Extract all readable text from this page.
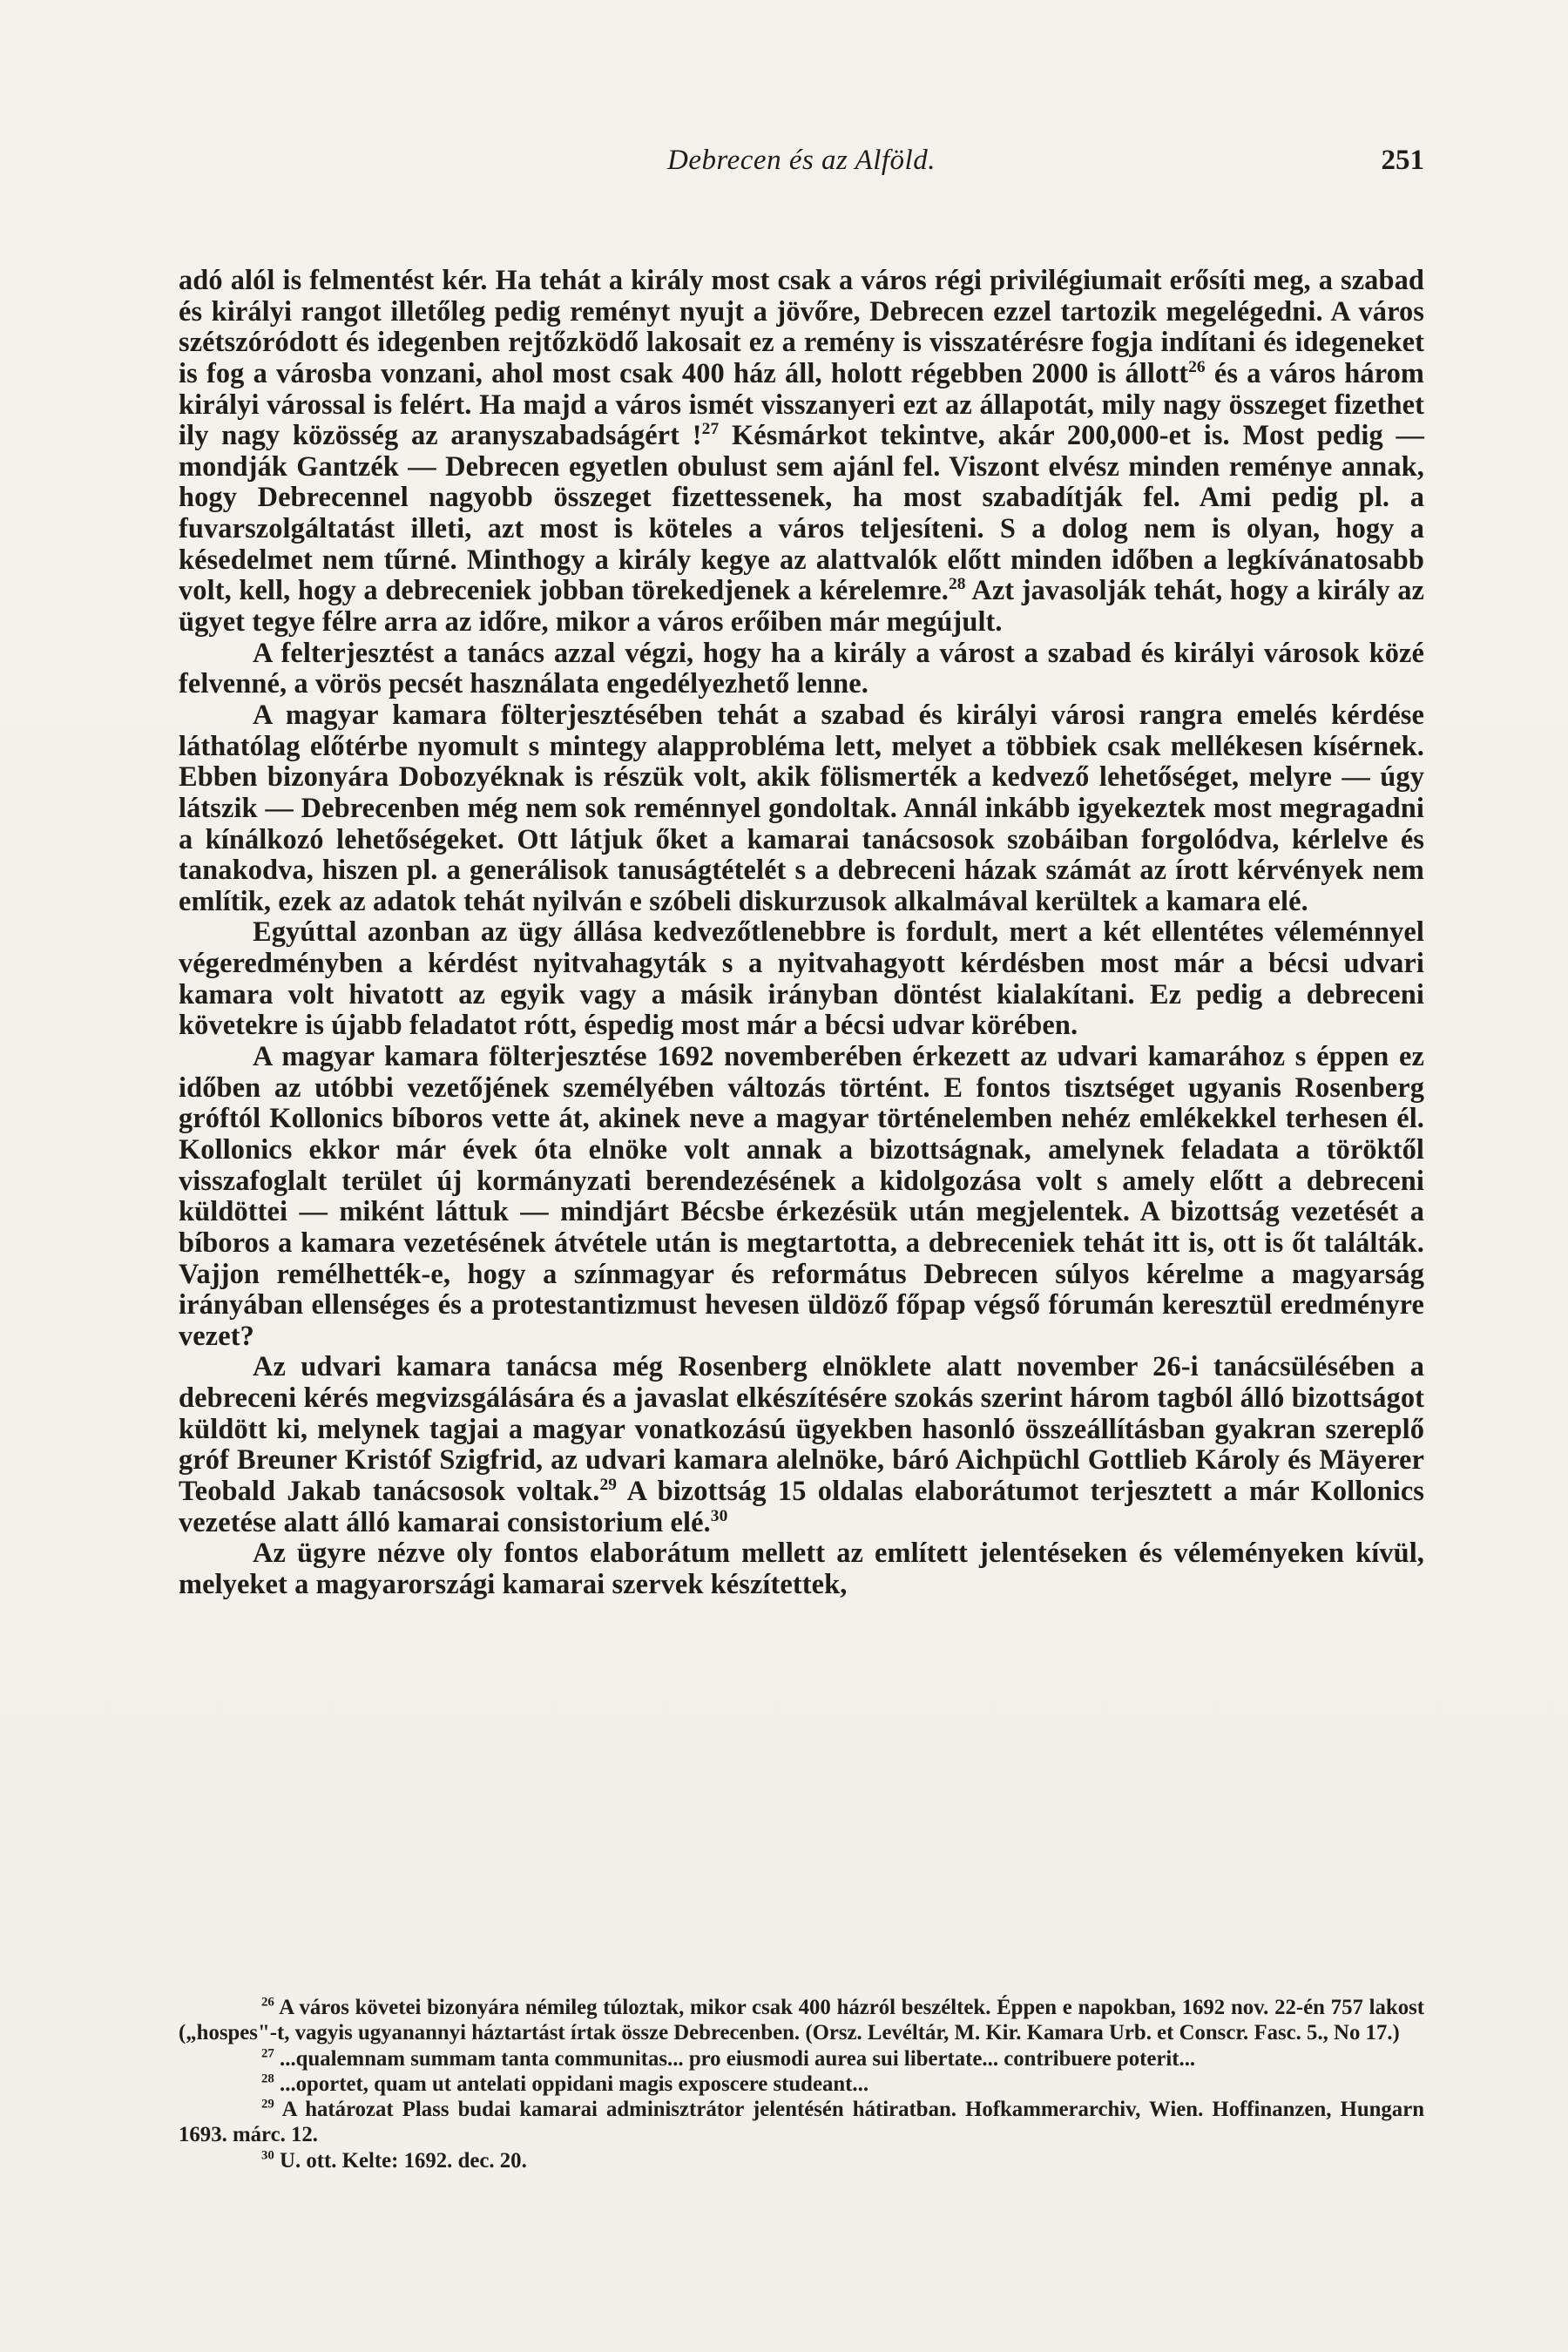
Debrecen és az Alföld.	251

adó alól is felmentést kér. Ha tehát a király most csak a város régi privilégiumait erősíti meg, a szabad és királyi rangot illetőleg pedig reményt nyujt a jövőre, Debrecen ezzel tartozik megelégedni. A város szétszóródott és idegenben rejtőzködő lakosait ez a remény is visszatérésre fogja indítani és idegeneket is fog a városba vonzani, ahol most csak 400 ház áll, holott régebben 2000 is állott$^{26}$ és a város három királyi várossal is felért. Ha majd a város ismét visszanyeri ezt az állapotát, mily nagy összeget fizethet ily nagy közösség az aranyszabadságért !$^{27}$ Késmárkot tekintve, akár 200,000-et is. Most pedig — mondják Gantzék — Debrecen egyetlen obulust sem ajánl fel. Viszont elvész minden reménye annak, hogy Debrecennel nagyobb összeget fizettessenek, ha most szabadítják fel. Ami pedig pl. a fuvarszolgáltatást illeti, azt most is köteles a város teljesíteni. S a dolog nem is olyan, hogy a késedelmet nem tűrné. Minthogy a király kegye az alattvalók előtt minden időben a legkívánatosabb volt, kell, hogy a debreceniek jobban törekedjenek a kérelemre.$^{28}$ Azt javasolják tehát, hogy a király az ügyet tegye félre arra az időre, mikor a város erőiben már megújult.

A felterjesztést a tanács azzal végzi, hogy ha a király a várost a szabad és királyi városok közé felvenné, a vörös pecsét használata engedélyezhető lenne.

A magyar kamara fölterjesztésében tehát a szabad és királyi városi rangra emelés kérdése láthatólag előtérbe nyomult s mintegy alapprobléma lett, melyet a többiek csak mellékesen kísérnek. Ebben bizonyára Dobozyéknak is részük volt, akik fölismerték a kedvező lehetőséget, melyre — úgy látszik — Debrecenben még nem sok reménnyel gondoltak. Annál inkább igyekeztek most megragadni a kínálkozó lehetőségeket. Ott látjuk őket a kamarai tanácsosok szobáiban forgolódva, kérlelve és tanakodva, hiszen pl. a generálisok tanuságtételét s a debreceni házak számát az írott kérvények nem említik, ezek az adatok tehát nyilván e szóbeli diskurzusok alkalmával kerültek a kamara elé.

Egyúttal azonban az ügy állása kedvezőtlenebbre is fordult, mert a két ellentétes véleménnyel végeredményben a kérdést nyitvahagyták s a nyitvahagyott kérdésben most már a bécsi udvari kamara volt hivatott az egyik vagy a másik irányban döntést kialakítani. Ez pedig a debreceni követekre is újabb feladatot rótt, éspedig most már a bécsi udvar körében.

A magyar kamara fölterjesztése 1692 novemberében érkezett az udvari kamarához s éppen ez időben az utóbbi vezetőjének személyében változás történt. E fontos tisztséget ugyanis Rosenberg gróftól Kollonics bíboros vette át, akinek neve a magyar történelemben nehéz emlékekkel terhesen él. Kollonics ekkor már évek óta elnöke volt annak a bizottságnak, amelynek feladata a töröktől visszafoglalt terület új kormányzati berendezésének a kidolgozása volt s amely előtt a debreceni küldöttei — miként láttuk — mindjárt Bécsbe érkezésük után megjelentek. A bizottság vezetését a bíboros a kamara vezetésének átvétele után is megtartotta, a debreceniek tehát itt is, ott is őt találták. Vajjon remélhették-e, hogy a színmagyar és református Debrecen súlyos kérelme a magyarság irányában ellenséges és a protestantizmust hevesen üldöző főpap végső fórumán keresztül eredményre vezet?

Az udvari kamara tanácsa még Rosenberg elnöklete alatt november 26-i tanácsülésében a debreceni kérés megvizsgálására és a javaslat elkészítésére szokás szerint három tagból álló bizottságot küldött ki, melynek tagjai a magyar vonatkozású ügyekben hasonló összeállításban gyakran szereplő gróf Breuner Kristóf Szigfrid, az udvari kamara alelnöke, báró Aichpüchl Gottlieb Károly és Mäyerer Teobald Jakab tanácsosok voltak.$^{29}$ A bizottság 15 oldalas elaborátumot terjesztett a már Kollonics vezetése alatt álló kamarai consistorium elé.$^{30}$

Az ügyre nézve oly fontos elaborátum mellett az említett jelentéseken és véleményeken kívül, melyeket a magyarországi kamarai szervek készítettek,

$^{26}$ A város követei bizonyára némileg túloztak, mikor csak 400 házról beszéltek. Éppen e napokban, 1692 nov. 22-én 757 lakost („hospes"-t, vagyis ugyanannyi háztartást írtak össze Debrecenben. (Orsz. Levéltár, M. Kir. Kamara Urb. et Conscr. Fasc. 5., No 17.)

$^{27}$ ...qualemnam summam tanta communitas... pro eiusmodi aurea sui libertate... contribuere poterit...

$^{28}$ ...oportet, quam ut antelati oppidani magis exposcere studeant...

$^{29}$ A határozat Plass budai kamarai adminisztrátor jelentésén hátiratban. Hofkammerarchiv, Wien. Hoffinanzen, Hungarn 1693. márc. 12.

$^{30}$ U. ott. Kelte: 1692. dec. 20.
